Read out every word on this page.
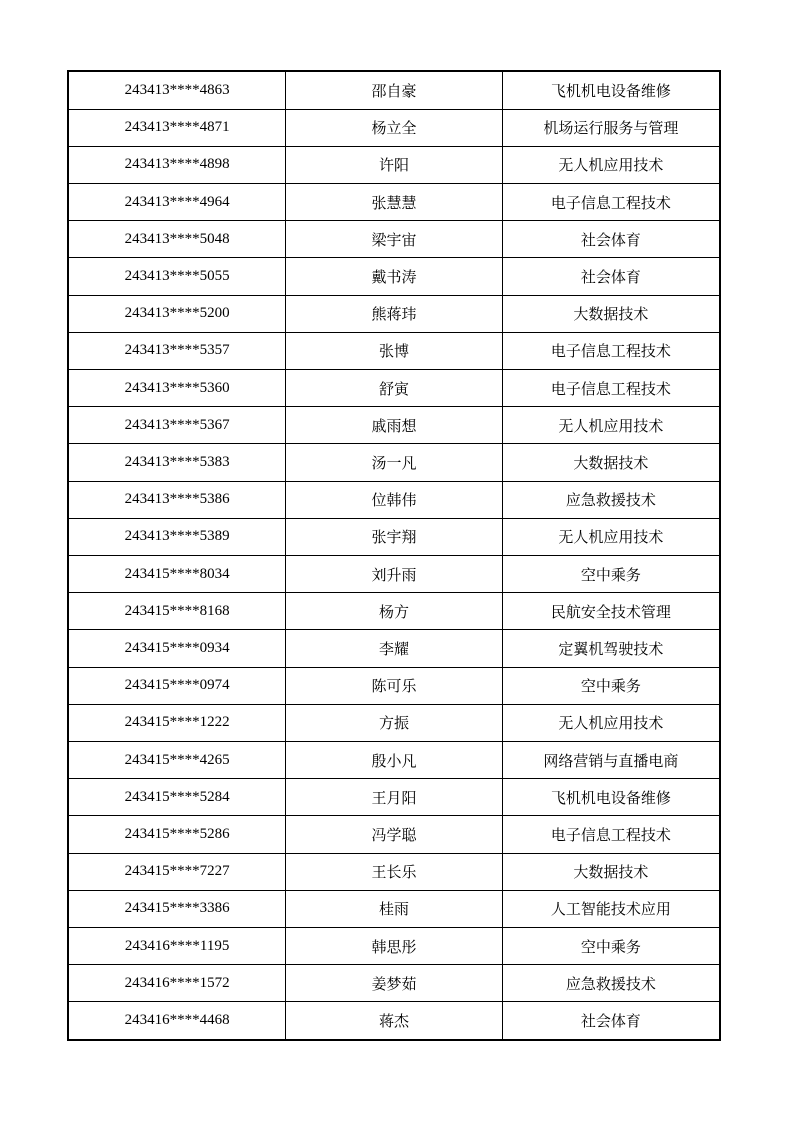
243413****4863	邵自豪	飞机机电设备维修
243413****4871	杨立全	机场运行服务与管理
243413****4898	许阳	无人机应用技术
243413****4964	张慧慧	电子信息工程技术
243413****5048	梁宇宙	社会体育
243413****5055	戴书涛	社会体育
243413****5200	熊蒋玮	大数据技术
243413****5357	张博	电子信息工程技术
243413****5360	舒寅	电子信息工程技术
243413****5367	戚雨想	无人机应用技术
243413****5383	汤一凡	大数据技术
243413****5386	位韩伟	应急救援技术
243413****5389	张宇翔	无人机应用技术
243415****8034	刘升雨	空中乘务
243415****8168	杨方	民航安全技术管理
243415****0934	李耀	定翼机驾驶技术
243415****0974	陈可乐	空中乘务
243415****1222	方振	无人机应用技术
243415****4265	殷小凡	网络营销与直播电商
243415****5284	王月阳	飞机机电设备维修
243415****5286	冯学聪	电子信息工程技术
243415****7227	王长乐	大数据技术
243415****3386	桂雨	人工智能技术应用
243416****1195	韩思彤	空中乘务
243416****1572	姜梦茹	应急救援技术
243416****4468	蒋杰	社会体育
